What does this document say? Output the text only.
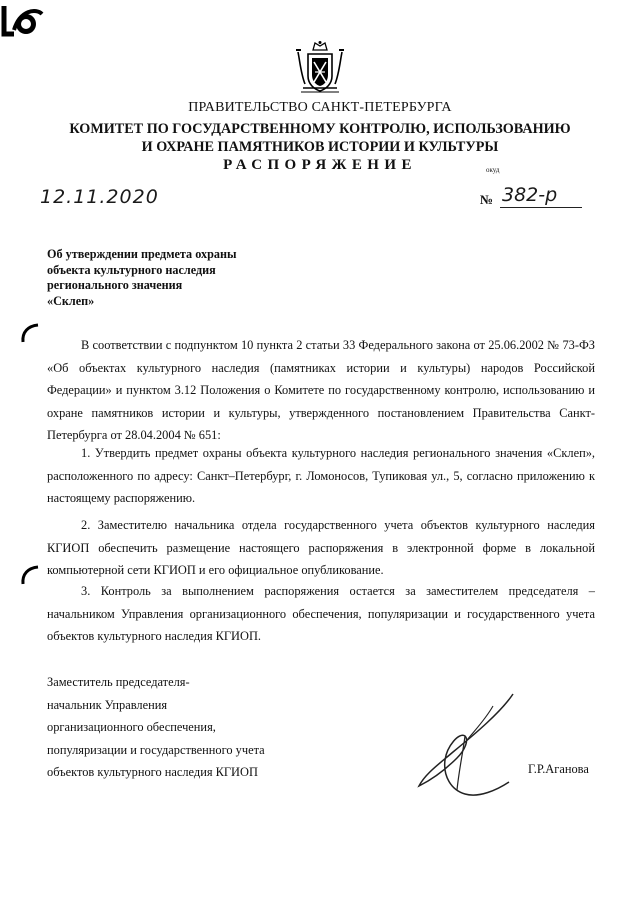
ПРАВИТЕЛЬСТВО САНКТ-ПЕТЕРБУРГА
КОМИТЕТ ПО ГОСУДАРСТВЕННОМУ КОНТРОЛЮ, ИСПОЛЬЗОВАНИЮ
И ОХРАНЕ ПАМЯТНИКОВ ИСТОРИИ И КУЛЬТУРЫ
РАСПОРЯЖЕНИЕ	окуд
12.11.2020	№ 382-р
Об утверждении предмета охраны
объекта культурного наследия
регионального значения
«Склеп»

В соответствии с подпунктом 10 пункта 2 статьи 33 Федерального закона от 25.06.2002 № 73-ФЗ «Об объектах культурного наследия (памятниках истории и культуры) народов Российской Федерации» и пунктом 3.12 Положения о Комитете по государственному контролю, использованию и охране памятников истории и культуры, утвержденного постановлением Правительства Санкт-Петербурга от 28.04.2004 № 651:

1. Утвердить предмет охраны объекта культурного наследия регионального значения «Склеп», расположенного по адресу: Санкт–Петербург, г. Ломоносов, Тупиковая ул., 5, согласно приложению к настоящему распоряжению.

2. Заместителю начальника отдела государственного учета объектов культурного наследия КГИОП обеспечить размещение настоящего распоряжения в электронной форме в локальной компьютерной сети КГИОП и его официальное опубликование.

3. Контроль за выполнением распоряжения остается за заместителем председателя – начальником Управления организационного обеспечения, популяризации и государственного учета объектов культурного наследия КГИОП.

Заместитель председателя-
начальник Управления
организационного обеспечения,
популяризации и государственного учета
объектов культурного наследия КГИОП	Г.Р.Аганова
